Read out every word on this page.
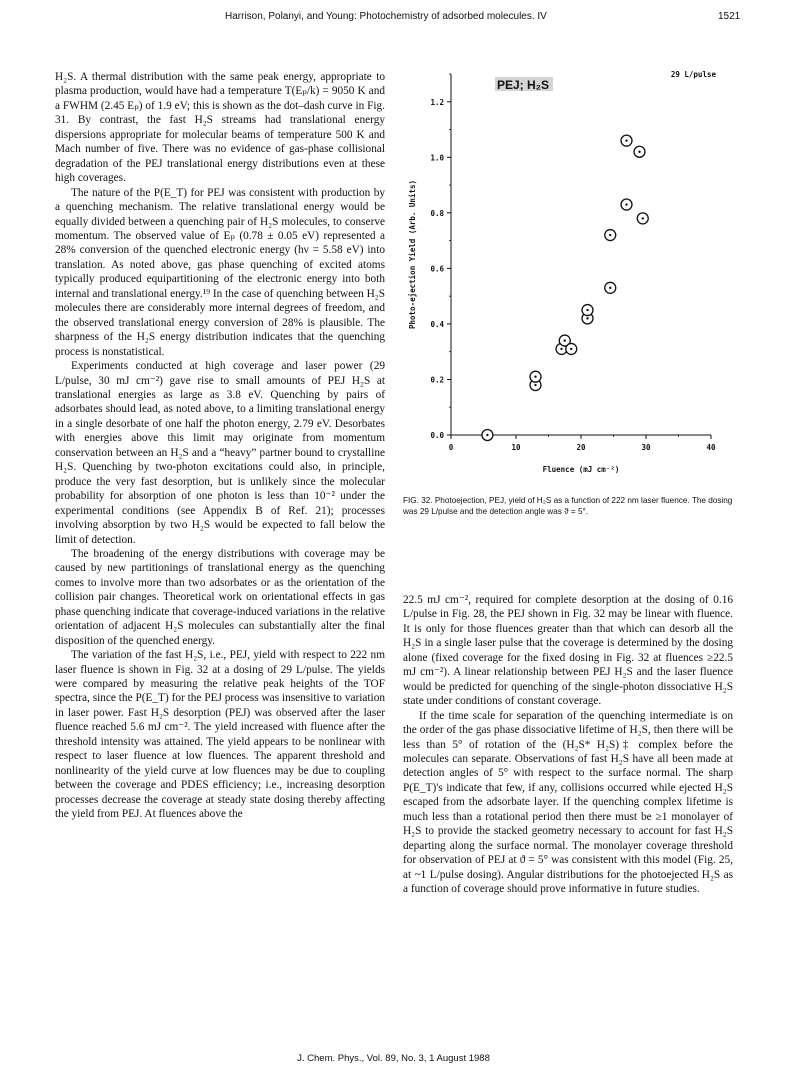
Harrison, Polanyi, and Young: Photochemistry of adsorbed molecules. IV	1521

H₂S. A thermal distribution with the same peak energy, appropriate to plasma production, would have had a temperature T(Eₚ/k) = 9050 K and a FWHM (2.45 Eₚ) of 1.9 eV; this is shown as the dot–dash curve in Fig. 31. By contrast, the fast H₂S streams had translational energy dispersions appropriate for molecular beams of temperature 500 K and Mach number of five. There was no evidence of gas-phase collisional degradation of the PEJ translational energy distributions even at these high coverages.

The nature of the P(E_T) for PEJ was consistent with production by a quenching mechanism. The relative translational energy would be equally divided between a quenching pair of H₂S molecules, to conserve momentum. The observed value of Eₚ (0.78 ± 0.05 eV) represented a 28% conversion of the quenched electronic energy (hν = 5.58 eV) into translation. As noted above, gas phase quenching of excited atoms typically produced equipartitioning of the electronic energy into both internal and translational energy.¹⁹ In the case of quenching between H₂S molecules there are considerably more internal degrees of freedom, and the observed translational energy conversion of 28% is plausible. The sharpness of the H₂S energy distribution indicates that the quenching process is nonstatistical.

Experiments conducted at high coverage and laser power (29 L/pulse, 30 mJ cm⁻²) gave rise to small amounts of PEJ H₂S at translational energies as large as 3.8 eV. Quenching by pairs of adsorbates should lead, as noted above, to a limiting translational energy in a single desorbate of one half the photon energy, 2.79 eV. Desorbates with energies above this limit may originate from momentum conservation between an H₂S and a “heavy” partner bound to crystalline H₂S. Quenching by two-photon excitations could also, in principle, produce the very fast desorption, but is unlikely since the molecular probability for absorption of one photon is less than 10⁻² under the experimental conditions (see Appendix B of Ref. 21); processes involving absorption by two H₂S would be expected to fall below the limit of detection.

The broadening of the energy distributions with coverage may be caused by new partitionings of translational energy as the quenching comes to involve more than two adsorbates or as the orientation of the collision pair changes. Theoretical work on orientational effects in gas phase quenching indicate that coverage-induced variations in the relative orientation of adjacent H₂S molecules can substantially alter the final disposition of the quenched energy.

The variation of the fast H₂S, i.e., PEJ, yield with respect to 222 nm laser fluence is shown in Fig. 32 at a dosing of 29 L/pulse. The yields were compared by measuring the relative peak heights of the TOF spectra, since the P(E_T) for the PEJ process was insensitive to variation in laser power. Fast H₂S desorption (PEJ) was observed after the laser fluence reached 5.6 mJ cm⁻². The yield increased with fluence after the threshold intensity was attained. The yield appears to be nonlinear with respect to laser fluence at low fluences. The apparent threshold and nonlinearity of the yield curve at low fluences may be due to coupling between the coverage and PDES efficiency; i.e., increasing desorption processes decrease the coverage at steady state dosing thereby affecting the yield from PEJ. At fluences above the

0.0
0.2
0.4
0.6
0.8
1.0
1.2
0	10	20	30	40
Fluence (mJ cm⁻²)
Photo-ejection Yield (Arb. Units)
PEJ; H₂S
29 L/pulse
FIG. 32. Photoejection, PEJ, yield of H₂S as a function of 222 nm laser fluence. The dosing was 29 L/pulse and the detection angle was ϑ = 5°.

22.5 mJ cm⁻², required for complete desorption at the dosing of 0.16 L/pulse in Fig. 28, the PEJ shown in Fig. 32 may be linear with fluence. It is only for those fluences greater than that which can desorb all the H₂S in a single laser pulse that the coverage is determined by the dosing alone (fixed coverage for the fixed dosing in Fig. 32 at fluences ≥22.5 mJ cm⁻²). A linear relationship between PEJ H₂S and the laser fluence would be predicted for quenching of the single-photon dissociative H₂S state under conditions of constant coverage.

If the time scale for separation of the quenching intermediate is on the order of the gas phase dissociative lifetime of H₂S, then there will be less than 5° of rotation of the (H₂S* H₂S)‡ complex before the molecules can separate. Observations of fast H₂S have all been made at detection angles of 5° with respect to the surface normal. The sharp P(E_T)'s indicate that few, if any, collisions occurred while ejected H₂S escaped from the adsorbate layer. If the quenching complex lifetime is much less than a rotational period then there must be ≥1 monolayer of H₂S to provide the stacked geometry necessary to account for fast H₂S departing along the surface normal. The monolayer coverage threshold for observation of PEJ at ϑ = 5° was consistent with this model (Fig. 25, at ~1 L/pulse dosing). Angular distributions for the photoejected H₂S as a function of coverage should prove informative in future studies.

J. Chem. Phys., Vol. 89, No. 3, 1 August 1988
